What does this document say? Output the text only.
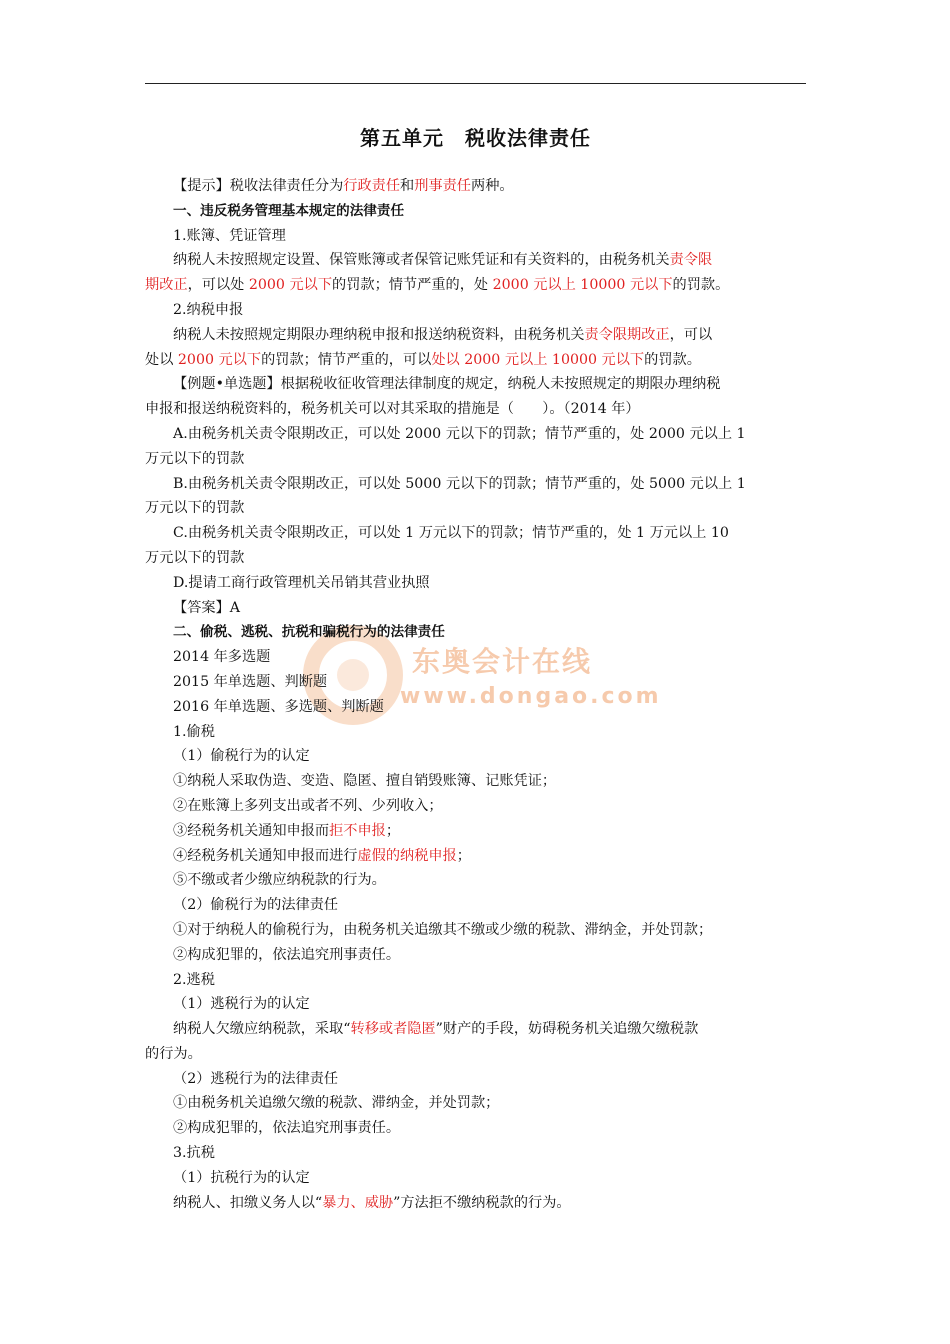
东奥会计在线
www.dongao.com
第五单元　税收法律责任
【提示】税收法律责任分为行政责任和刑事责任两种。
一、违反税务管理基本规定的法律责任
1.账簿、凭证管理
纳税人未按照规定设置、保管账簿或者保管记账凭证和有关资料的，由税务机关责令限
期改正，可以处 2000 元以下的罚款；情节严重的，处 2000 元以上 10000 元以下的罚款。
2.纳税申报
纳税人未按照规定期限办理纳税申报和报送纳税资料，由税务机关责令限期改正，可以
处以 2000 元以下的罚款；情节严重的，可以处以 2000 元以上 10000 元以下的罚款。
【例题•单选题】根据税收征收管理法律制度的规定，纳税人未按照规定的期限办理纳税
申报和报送纳税资料的，税务机关可以对其采取的措施是（　　）。（2014 年）
A.由税务机关责令限期改正，可以处 2000 元以下的罚款；情节严重的，处 2000 元以上 1
万元以下的罚款
B.由税务机关责令限期改正，可以处 5000 元以下的罚款；情节严重的，处 5000 元以上 1
万元以下的罚款
C.由税务机关责令限期改正，可以处 1 万元以下的罚款；情节严重的，处 1 万元以上 10
万元以下的罚款
D.提请工商行政管理机关吊销其营业执照
【答案】A
二、偷税、逃税、抗税和骗税行为的法律责任
2014 年多选题
2015 年单选题、判断题
2016 年单选题、多选题、判断题
1.偷税
（1）偷税行为的认定
①纳税人采取伪造、变造、隐匿、擅自销毁账簿、记账凭证；
②在账簿上多列支出或者不列、少列收入；
③经税务机关通知申报而拒不申报；
④经税务机关通知申报而进行虚假的纳税申报；
⑤不缴或者少缴应纳税款的行为。
（2）偷税行为的法律责任
①对于纳税人的偷税行为，由税务机关追缴其不缴或少缴的税款、滞纳金，并处罚款；
②构成犯罪的，依法追究刑事责任。
2.逃税
（1）逃税行为的认定
纳税人欠缴应纳税款，采取“转移或者隐匿”财产的手段，妨碍税务机关追缴欠缴税款
的行为。
（2）逃税行为的法律责任
①由税务机关追缴欠缴的税款、滞纳金，并处罚款；
②构成犯罪的，依法追究刑事责任。
3.抗税
（1）抗税行为的认定
纳税人、扣缴义务人以“暴力、威胁”方法拒不缴纳税款的行为。
